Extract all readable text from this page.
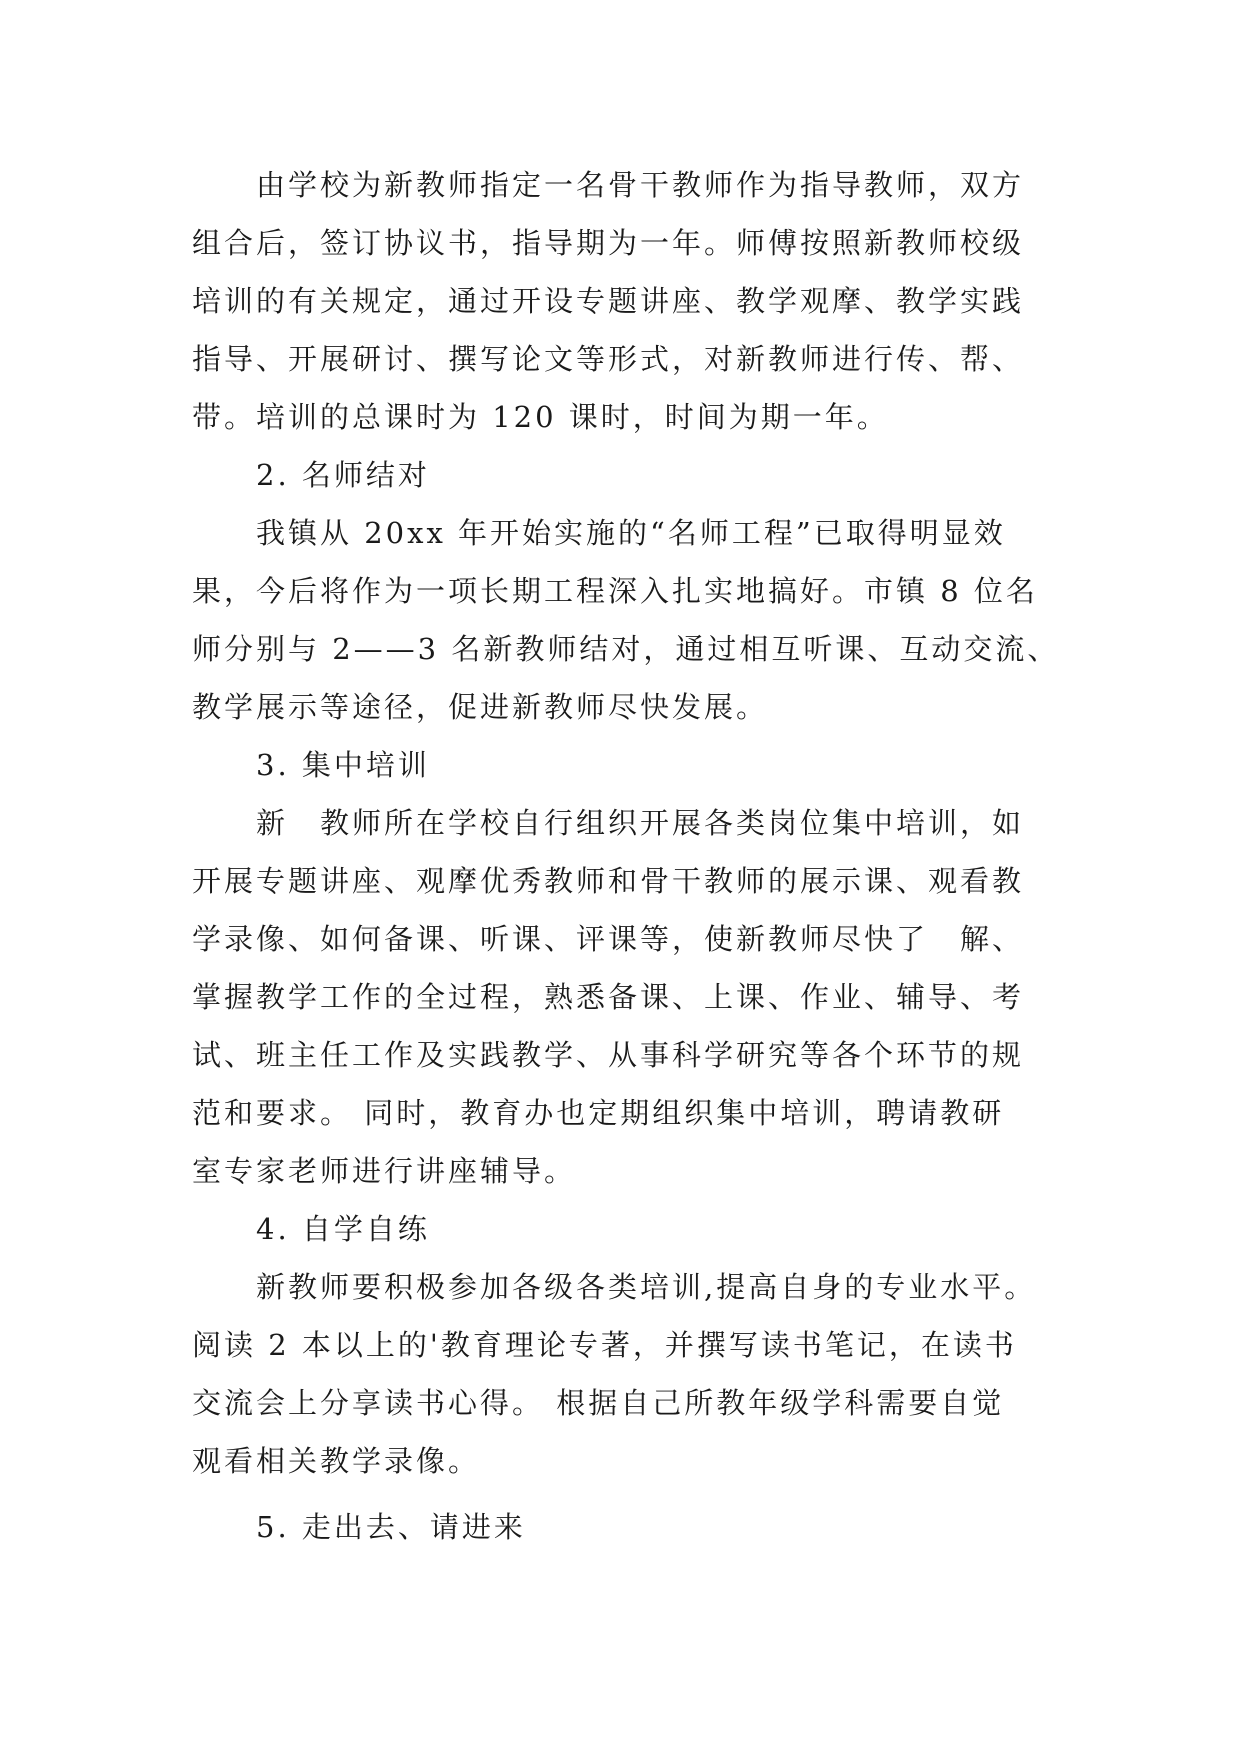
由学校为新教师指定一名骨干教师作为指导教师，双方
组合后，签订协议书，指导期为一年。师傅按照新教师校级
培训的有关规定，通过开设专题讲座、教学观摩、教学实践
指导、开展研讨、撰写论文等形式，对新教师进行传、帮、
带。培训的总课时为 120 课时，时间为期一年。
2. 名师结对
我镇从 20xx 年开始实施的“名师工程”已取得明显效
果，今后将作为一项长期工程深入扎实地搞好。市镇 8 位名
师分别与 2——3 名新教师结对，通过相互听课、互动交流、
教学展示等途径，促进新教师尽快发展。
3. 集中培训
新　教师所在学校自行组织开展各类岗位集中培训，如
开展专题讲座、观摩优秀教师和骨干教师的展示课、观看教
学录像、如何备课、听课、评课等，使新教师尽快了　解、
掌握教学工作的全过程，熟悉备课、上课、作业、辅导、考
试、班主任工作及实践教学、从事科学研究等各个环节的规
范和要求。 同时，教育办也定期组织集中培训，聘请教研
室专家老师进行讲座辅导。
4. 自学自练
新教师要积极参加各级各类培训,提高自身的专业水平。
阅读 2 本以上的'教育理论专著，并撰写读书笔记，在读书
交流会上分享读书心得。 根据自己所教年级学科需要自觉
观看相关教学录像。
5. 走出去、请进来
